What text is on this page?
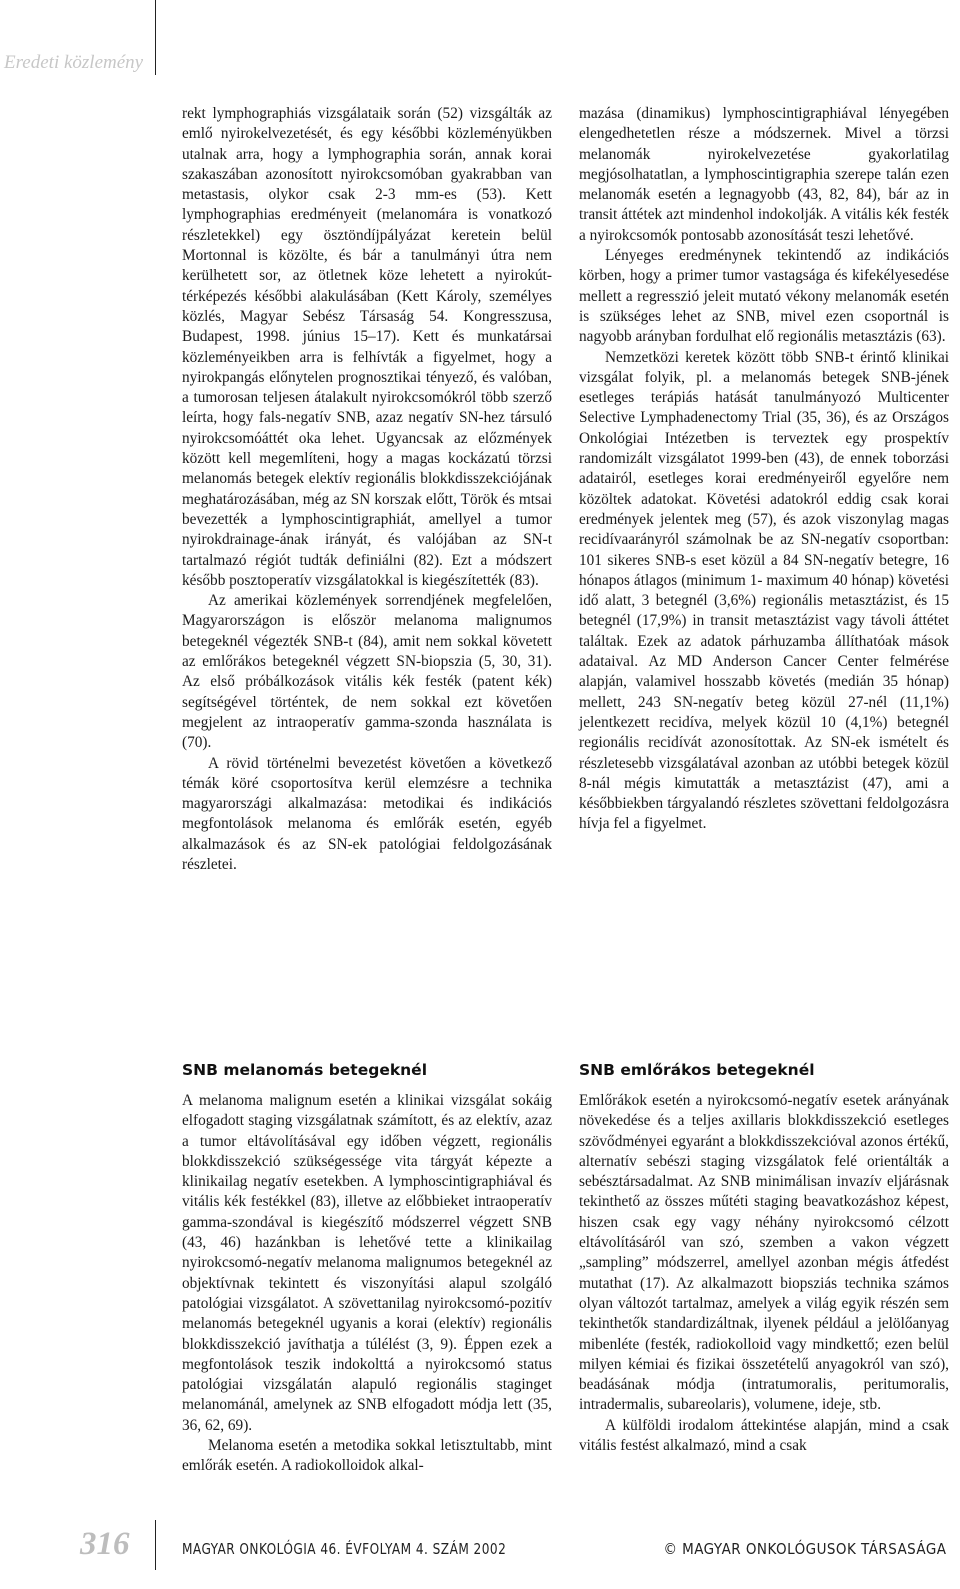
Eredeti közlemény

rekt lymphographiás vizsgálataik során (52) vizsgálták az emlő nyirokelvezetését, és egy későbbi közleményükben utalnak arra, hogy a lymphographia során, annak korai szakaszában azonosított nyirokcsomóban gyakrabban van metastasis, olykor csak 2-3 mm-es (53). Kett lymphographias eredményeit (melanomára is vonatkozó részletekkel) egy ösztöndíjpályázat keretein belül Mortonnal is közölte, és bár a tanulmányi útra nem kerülhetett sor, az ötletnek köze lehetett a nyirokút-térképezés későbbi alakulásában (Kett Károly, személyes közlés, Magyar Sebész Társaság 54. Kongresszusa, Budapest, 1998. június 15–17). Kett és munkatársai közleményeikben arra is felhívták a figyelmet, hogy a nyirokpangás előnytelen prognosztikai tényező, és valóban, a tumorosan teljesen átalakult nyirokcsomókról több szerző leírta, hogy fals-negatív SNB, azaz negatív SN-hez társuló nyirokcsomóáttét oka lehet. Ugyancsak az előzmények között kell megemlíteni, hogy a magas kockázatú törzsi melanomás betegek elektív regionális blokkdisszekciójának meghatározásában, még az SN korszak előtt, Török és mtsai bevezették a lymphoscintigraphiát, amellyel a tumor nyirokdrainage-ának irányát, és valójában az SN-t tartalmazó régiót tudták definiálni (82). Ezt a módszert később posztoperatív vizsgálatokkal is kiegészítették (83).

Az amerikai közlemények sorrendjének megfelelően, Magyarországon is először melanoma malignumos betegeknél végezték SNB-t (84), amit nem sokkal követett az emlőrákos betegeknél végzett SN-biopszia (5, 30, 31). Az első próbálkozások vitális kék festék (patent kék) segítségével történtek, de nem sokkal ezt követően megjelent az intraoperatív gamma-szonda használata is (70).

A rövid történelmi bevezetést követően a következő témák köré csoportosítva kerül elemzésre a technika magyarországi alkalmazása: metodikai és indikációs megfontolások melanoma és emlőrák esetén, egyéb alkalmazások és az SN-ek patológiai feldolgozásának részletei.

mazása (dinamikus) lymphoscintigraphiával lényegében elengedhetetlen része a módszernek. Mivel a törzsi melanomák nyirokelvezetése gyakorlatilag megjósolhatatlan, a lymphoscintigraphia szerepe talán ezen melanomák esetén a legnagyobb (43, 82, 84), bár az in transit áttétek azt mindenhol indokolják. A vitális kék festék a nyirokcsomók pontosabb azonosítását teszi lehetővé.

Lényeges eredménynek tekintendő az indikációs körben, hogy a primer tumor vastagsága és kifekélyesedése mellett a regresszió jeleit mutató vékony melanomák esetén is szükséges lehet az SNB, mivel ezen csoportnál is nagyobb arányban fordulhat elő regionális metasztázis (63).

Nemzetközi keretek között több SNB-t érintő klinikai vizsgálat folyik, pl. a melanomás betegek SNB-jének esetleges terápiás hatását tanulmányozó Multicenter Selective Lymphadenectomy Trial (35, 36), és az Országos Onkológiai Intézetben is terveztek egy prospektív randomizált vizsgálatot 1999-ben (43), de ennek toborzási adatairól, esetleges korai eredményeiről egyelőre nem közöltek adatokat. Követési adatokról eddig csak korai eredmények jelentek meg (57), és azok viszonylag magas recidívaarányról számolnak be az SN-negatív csoportban: 101 sikeres SNB-s eset közül a 84 SN-negatív betegre, 16 hónapos átlagos (minimum 1- maximum 40 hónap) követési idő alatt, 3 betegnél (3,6%) regionális metasztázist, és 15 betegnél (17,9%) in transit metasztázist vagy távoli áttétet találtak. Ezek az adatok párhuzamba állíthatóak mások adataival. Az MD Anderson Cancer Center felmérése alapján, valamivel hosszabb követés (medián 35 hónap) mellett, 243 SN-negatív beteg közül 27-nél (11,1%) jelentkezett recidíva, melyek közül 10 (4,1%) betegnél regionális recidívát azonosítottak. Az SN-ek ismételt és részletesebb vizsgálatával azonban az utóbbi betegek közül 8-nál mégis kimutatták a metasztázist (47), ami a későbbiekben tárgyalandó részletes szövettani feldolgozásra hívja fel a figyelmet.

SNB melanomás betegeknél

A melanoma malignum esetén a klinikai vizsgálat sokáig elfogadott staging vizsgálatnak számított, és az elektív, azaz a tumor eltávolításával egy időben végzett, regionális blokkdisszekció szükségessége vita tárgyát képezte a klinikailag negatív esetekben. A lymphoscintigraphiával és vitális kék festékkel (83), illetve az előbbieket intraoperatív gamma-szondával is kiegészítő módszerrel végzett SNB (43, 46) hazánkban is lehetővé tette a klinikailag nyirokcsomó-negatív melanoma malignumos betegeknél az objektívnak tekintett és viszonyítási alapul szolgáló patológiai vizsgálatot. A szövettanilag nyirokcsomó-pozitív melanomás betegeknél ugyanis a korai (elektív) regionális blokkdisszekció javíthatja a túlélést (3, 9). Éppen ezek a megfontolások teszik indokolttá a nyirokcsomó status patológiai vizsgálatán alapuló regionális staginget melanománál, amelynek az SNB elfogadott módja lett (35, 36, 62, 69).

Melanoma esetén a metodika sokkal letisztultabb, mint emlőrák esetén. A radiokolloidok alkal-

SNB emlőrákos betegeknél

Emlőrákok esetén a nyirokcsomó-negatív esetek arányának növekedése és a teljes axillaris blokkdisszekció esetleges szövődményei egyaránt a blokkdisszekcióval azonos értékű, alternatív sebészi staging vizsgálatok felé orientálták a sebésztársadalmat. Az SNB minimálisan invazív eljárásnak tekinthető az összes műtéti staging beavatkozáshoz képest, hiszen csak egy vagy néhány nyirokcsomó célzott eltávolításáról van szó, szemben a vakon végzett „sampling” módszerrel, amellyel azonban mégis átfedést mutathat (17). Az alkalmazott biopsziás technika számos olyan változót tartalmaz, amelyek a világ egyik részén sem tekinthetők standardizáltnak, ilyenek például a jelölőanyag mibenléte (festék, radiokolloid vagy mindkettő; ezen belül milyen kémiai és fizikai összetételű anyagokról van szó), beadásának módja (intratumoralis, peritumoralis, intradermalis, subareolaris), volumene, ideje, stb.

A külföldi irodalom áttekintése alapján, mind a csak vitális festést alkalmazó, mind a csak

316	MAGYAR ONKOLÓGIA 46. ÉVFOLYAM 4. SZÁM 2002	© MAGYAR ONKOLÓGUSOK TÁRSASÁGA
